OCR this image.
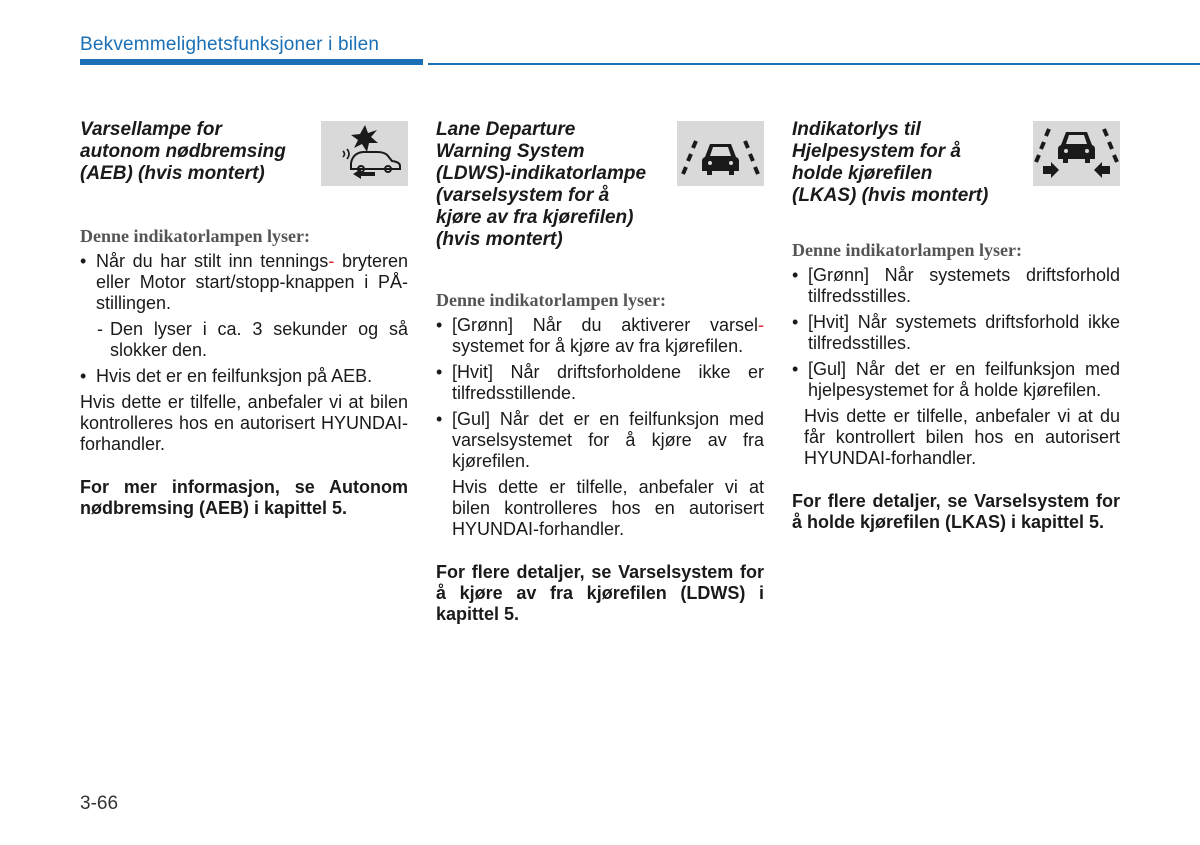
Bekvemmelighetsfunksjoner i bilen
Varsellampe for
autonom nødbremsing
(AEB) (hvis montert)

Denne indikatorlampen lyser:

• Når du har stilt inn tennings- bryteren eller Motor start/stopp-knappen i PÅ-stillingen.

- Den lyser i ca. 3 sekunder og så slokker den.

• Hvis det er en feilfunksjon på AEB.

Hvis dette er tilfelle, anbefaler vi at bilen kontrolleres hos en autorisert HYUNDAI-forhandler.

For mer informasjon, se Autonom nødbremsing (AEB) i kapittel 5.

Lane Departure
Warning System
(LDWS)-indikatorlampe
(varselsystem for å
kjøre av fra kjørefilen)
(hvis montert)

Denne indikatorlampen lyser:

• [Grønn] Når du aktiverer varsel- systemet for å kjøre av fra kjørefilen.
• [Hvit] Når driftsforholdene ikke er tilfredsstillende.
• [Gul] Når det er en feilfunksjon med varselsystemet for å kjøre av fra kjørefilen.

Hvis dette er tilfelle, anbefaler vi at bilen kontrolleres hos en autorisert HYUNDAI-forhandler.

For flere detaljer, se Varselsystem for å kjøre av fra kjørefilen (LDWS) i kapittel 5.

Indikatorlys til
Hjelpesystem for å
holde kjørefilen
(LKAS) (hvis montert)

Denne indikatorlampen lyser:

• [Grønn] Når systemets driftsforhold tilfredsstilles.
• [Hvit] Når systemets driftsforhold ikke tilfredsstilles.
• [Gul] Når det er en feilfunksjon med hjelpesystemet for å holde kjørefilen.

Hvis dette er tilfelle, anbefaler vi at du får kontrollert bilen hos en autorisert HYUNDAI-forhandler.

For flere detaljer, se Varselsystem for å holde kjørefilen (LKAS) i kapittel 5.

3-66
